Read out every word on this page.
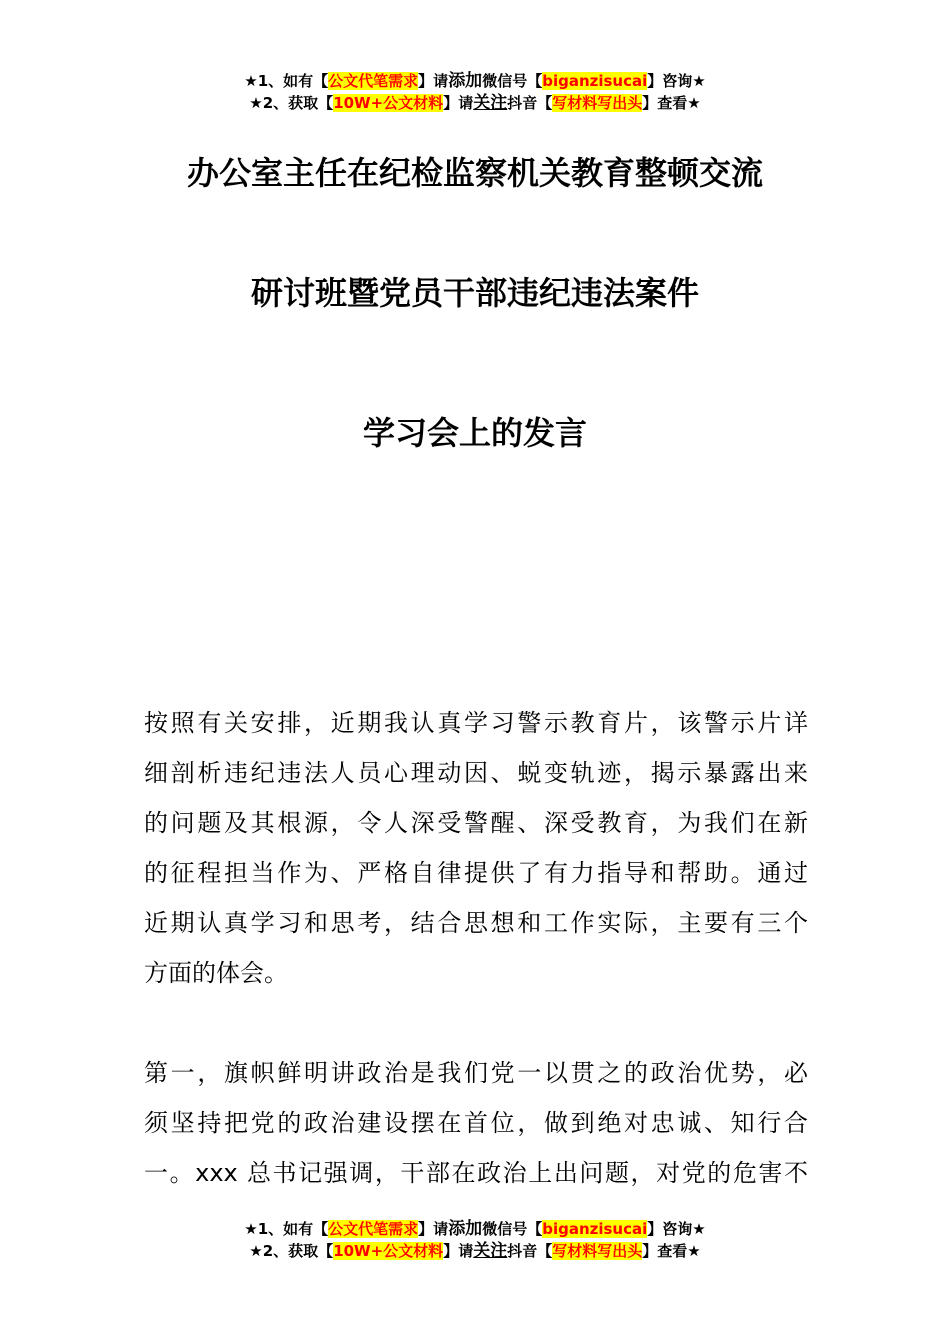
★1、如有【公文代笔需求】请添加微信号【biganzisucai】咨询★
★2、获取【10W+公文材料】请关注抖音【写材料写出头】查看★
办公室主任在纪检监察机关教育整顿交流
研讨班暨党员干部违纪违法案件
学习会上的发言
按照有关安排，近期我认真学习警示教育片，该警示片详
细剖析违纪违法人员心理动因、蜕变轨迹，揭示暴露出来
的问题及其根源，令人深受警醒、深受教育，为我们在新
的征程担当作为、严格自律提供了有力指导和帮助。通过
近期认真学习和思考，结合思想和工作实际，主要有三个
方面的体会。
第一，旗帜鲜明讲政治是我们党一以贯之的政治优势，必
须坚持把党的政治建设摆在首位，做到绝对忠诚、知行合
一。xxx 总书记强调，干部在政治上出问题，对党的危害不
★1、如有【公文代笔需求】请添加微信号【biganzisucai】咨询★
★2、获取【10W+公文材料】请关注抖音【写材料写出头】查看★
